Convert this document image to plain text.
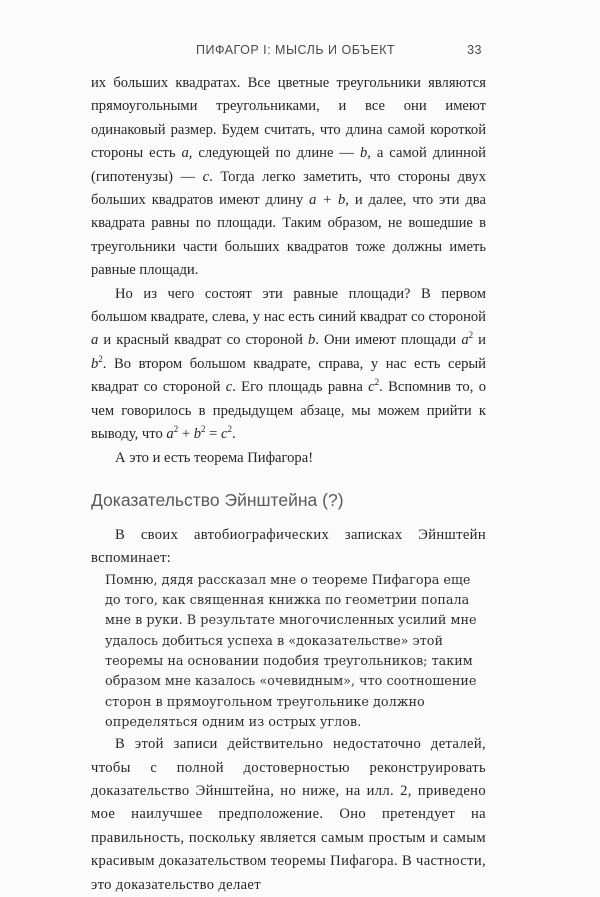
ПИФАГОР I: МЫСЛЬ И ОБЪЕКТ	33

их больших квадратах. Все цветные треугольники являются прямоугольными треугольниками, и все они имеют одинаковый размер. Будем считать, что длина самой короткой стороны есть a, следующей по длине — b, а самой длинной (гипотенузы) — c. Тогда легко заметить, что стороны двух больших квадратов имеют длину a + b, и далее, что эти два квадрата равны по площади. Таким образом, не вошедшие в треугольники части больших квадратов тоже должны иметь равные площади.

Но из чего состоят эти равные площади? В первом большом квадрате, слева, у нас есть синий квадрат со стороной a и красный квадрат со стороной b. Они имеют площади $a^2$ и $b^2$. Во втором большом квадрате, справа, у нас есть серый квадрат со стороной c. Его площадь равна $c^2$. Вспомнив то, о чем говорилось в предыдущем абзаце, мы можем прийти к выводу, что $a^2 + b^2 = c^2$.

А это и есть теорема Пифагора!

Доказательство Эйнштейна (?)

В своих автобиографических записках Эйнштейн вспоминает:

Помню, дядя рассказал мне о теореме Пифагора еще до того, как священная книжка по геометрии попала мне в руки. В результате многочисленных усилий мне удалось добиться успеха в «доказательстве» этой теоремы на основании подобия треугольников; таким образом мне казалось «очевидным», что соотношение сторон в прямоугольном треугольнике должно определяться одним из острых углов.

В этой записи действительно недостаточно деталей, чтобы с полной достоверностью реконструировать доказательство Эйнштейна, но ниже, на илл. 2, приведено мое наилучшее предположение. Оно претендует на правильность, поскольку является самым простым и самым красивым доказательством теоремы Пифагора. В частности, это доказательство делает
